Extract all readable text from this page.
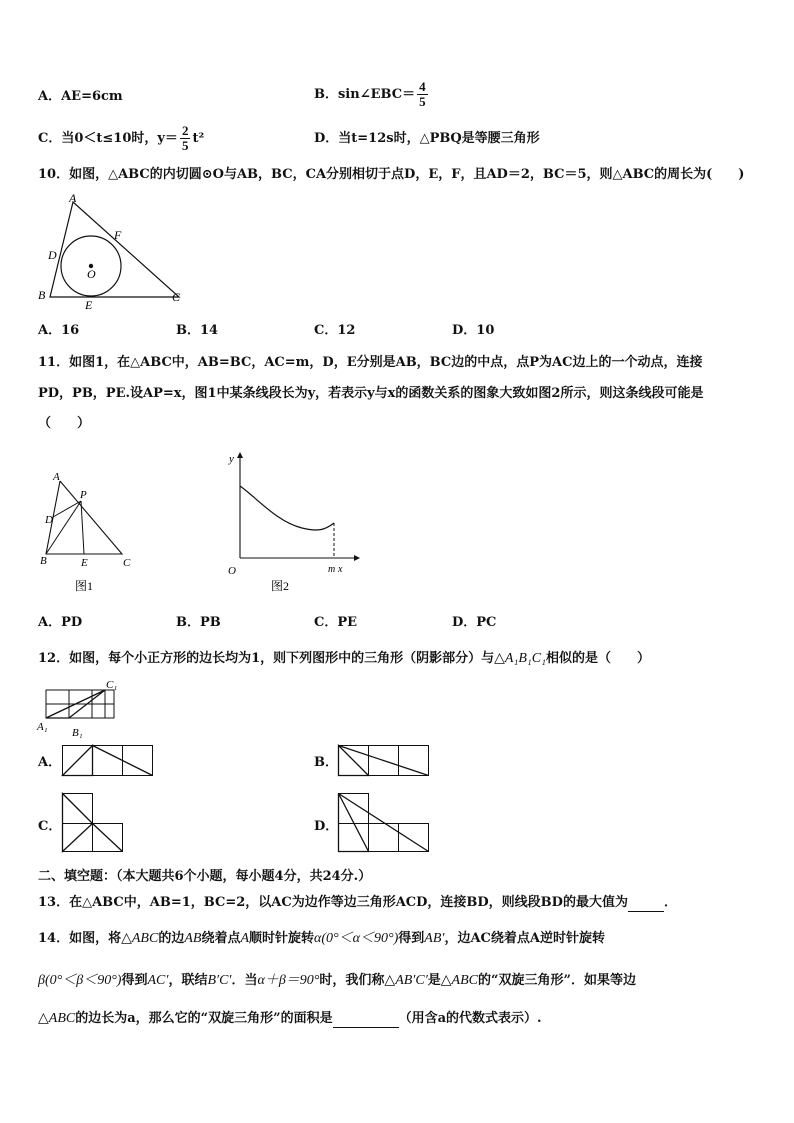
A．AE=6cm	B．sin∠EBC＝ $\frac{4}{5}$
C．当0＜t≤10时，$y= \frac{2}{5} t^2$	D．当t=12s时，△PBQ是等腰三角形
10．如图，△ABC的内切圆⊙O与AB，BC，CA分别相切于点D，E，F，且AD＝2，BC＝5，则△ABC的周长为(　　)
A
F
D
O
B
E
C
A．16	B．14	C．12	D．10
11．如图1，在△ABC中，AB=BC，AC=m，D，E分别是AB，BC边的中点，点P为AC边上的一个动点，连接
PD，PB，PE.设AP=x，图1中某条线段长为y，若表示y与x的函数关系的图象大致如图2所示，则这条线段可能是
（　　）
A
P
D
B	E	C
图1
y
O	m x
图2
A．PD	B．PB	C．PE	D．PC
12．如图，每个小正方形的边长均为1，则下列图形中的三角形（阴影部分）与△A₁B₁C₁相似的是（　　）
C₁
A₁ B₁
A．	B．
C．	D．
二、填空题：（本大题共6个小题，每小题4分，共24分.）
13．在△ABC中，AB=1，BC=2，以AC为边作等边三角形ACD，连接BD，则线段BD的最大值为	．
14．如图，将△ABC的边AB绕着点A顺时针旋转α(0°＜α＜90°)得到AB′，边AC绕着点A逆时针旋转
β(0°＜β＜90°)得到AC′，联结B′C′．当α＋β＝90°时，我们称△AB′C′是△ABC的“双旋三角形”．如果等边
△ABC的边长为a，那么它的“双旋三角形”的面积是	（用含a的代数式表示）.
